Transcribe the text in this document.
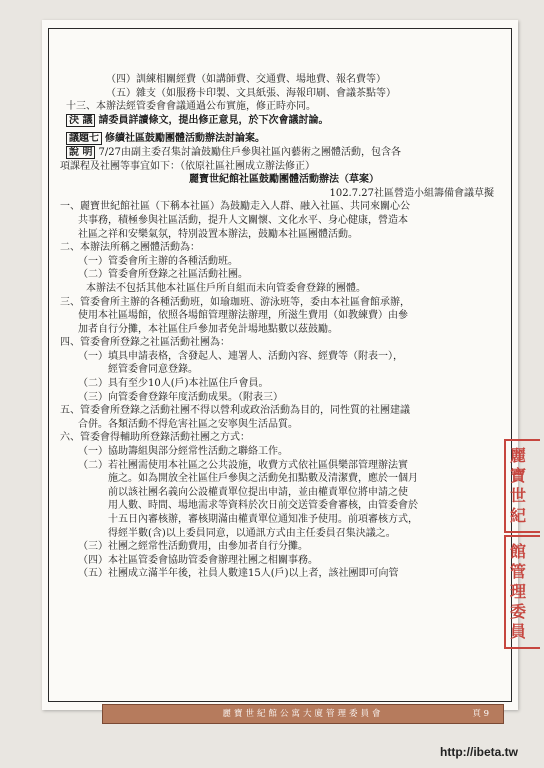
（四）訓練相關經費（如講師費、交通費、場地費、報名費等）

（五）雜支（如服務卡印製、文具紙張、海報印刷、會議茶點等）

十三、本辦法經管委會會議通過公布實施，修正時亦同。

決 議 請委員詳讀條文，提出修正意見，於下次會議討論。

議題七 修續社區鼓勵團體活動辦法討論案。

說 明 7/27由副主委召集討論鼓勵住戶參與社區內藝術之團體活動，包含各

項課程及社團等事宜如下：（依原社區社團成立辦法修正）

麗寶世紀館社區鼓勵團體活動辦法（草案）

102.7.27社區營造小組籌備會議草擬

一、麗寶世紀館社區（下稱本社區）為鼓勵走入人群、融入社區、共同來關心公

共事務，積極參與社區活動，提升人文關懷、文化水平、身心健康，營造本

社區之祥和安樂氣氛，特別設置本辦法，鼓勵本社區團體活動。

二、本辦法所稱之團體活動為：

（一）管委會所主辦的各種活動班。

（二）管委會所登錄之社區活動社團。

本辦法不包括其他本社區住戶所自組而未向管委會登錄的團體。

三、管委會所主辦的各種活動班，如瑜珈班、游泳班等，委由本社區會館承辦，

使用本社區場館，依照各場館管理辦法辦理，所滋生費用（如教練費）由參

加者自行分攤，本社區住戶參加者免計場地點數以茲鼓勵。

四、管委會所登錄之社區活動社團為：

（一）填具申請表格，含發起人、連署人、活動內容、經費等（附表一），

經管委會同意登錄。

（二）具有至少10人(戶)本社區住戶會員。

（三）向管委會登錄年度活動成果。（附表三）

五、管委會所登錄之活動社團不得以營利或政治活動為目的，同性質的社團建議

合併。各類活動不得危害社區之安寧與生活品質。

六、管委會得輔助所登錄活動社團之方式：

（一）協助籌組與部分經常性活動之聯絡工作。

（二）若社團需使用本社區之公共設施，收費方式依社區俱樂部管理辦法實

施之。如為開放全社區住戶參與之活動免扣點數及清潔費，應於一個月

前以該社團名義向公設權責單位提出申請，並由權責單位將申請之使

用人數、時間、場地需求等資料於次日前交送管委會審核，由管委會於

十五日內審核辦，審核期滿由權責單位通知准予使用。前項審核方式，

得經半數(含)以上委員同意，以通訊方式由主任委員召集決議之。

（三）社團之經常性活動費用，由參加者自行分攤。

（四）本社區管委會協助管委會辦理社團之相關事務。

（五）社團成立滿半年後，社員人數達15人(戶)以上者，該社團即可向管

麗寶世紀館公寓大廈管理委員會	頁 9
麗
寶
世
紀
館
管
理
委
員
http://ibeta.tw
